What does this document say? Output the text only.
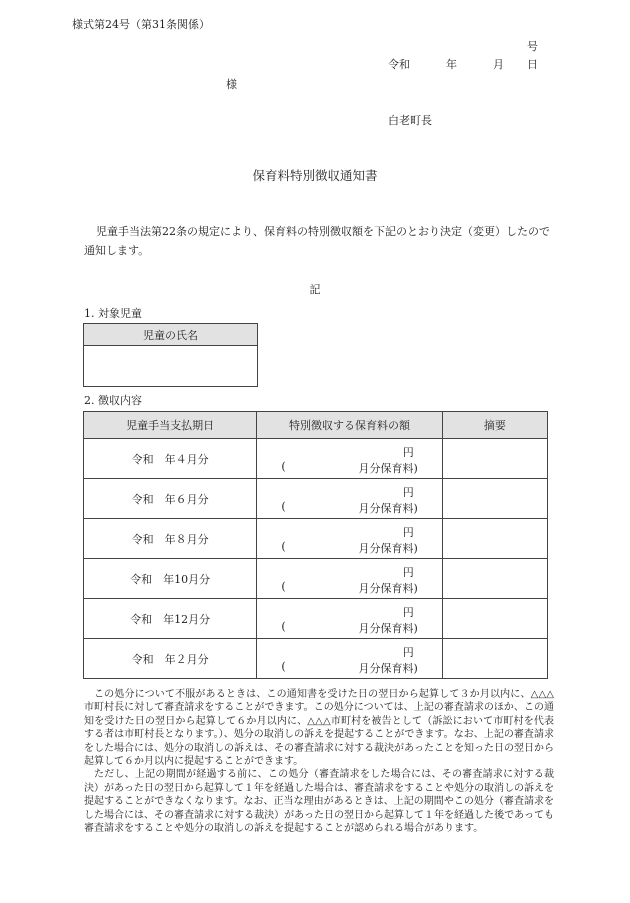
様式第24号（第31条関係）
号
令和	年	月 日
様
白老町長
保育料特別徴収通知書
児童手当法第22条の規定により、保育料の特別徴収額を下記のとおり決定（変更）したので通知します。
記
1. 対象児童
児童の氏名

2. 徴収内容
児童手当支払期日	特別徴収する保育料の額	摘要
令和　年４月分	円
( 月分保育料)	

令和　年６月分	円
( 月分保育料)	

令和　年８月分	円
( 月分保育料)	

令和　年10月分	円
( 月分保育料)	

令和　年12月分	円
( 月分保育料)	

令和　年２月分	円
( 月分保育料)	

この処分について不服があるときは、この通知書を受けた日の翌日から起算して３か月以内に、△△△市町村長に対して審査請求をすることができます。この処分については、上記の審査請求のほか、この通知を受けた日の翌日から起算して６か月以内に、△△△市町村を被告として（訴訟において市町村を代表する者は市町村長となります。）、処分の取消しの訴えを提起することができます。なお、上記の審査請求をした場合には、処分の取消しの訴えは、その審査請求に対する裁決があったことを知った日の翌日から起算して６か月以内に提起することができます。

ただし、上記の期間が経過する前に、この処分（審査請求をした場合には、その審査請求に対する裁決）があった日の翌日から起算して１年を経過した場合は、審査請求をすることや処分の取消しの訴えを提起することができなくなります。なお、正当な理由があるときは、上記の期間やこの処分（審査請求をした場合には、その審査請求に対する裁決）があった日の翌日から起算して１年を経過した後であっても審査請求をすることや処分の取消しの訴えを提起することが認められる場合があります。
